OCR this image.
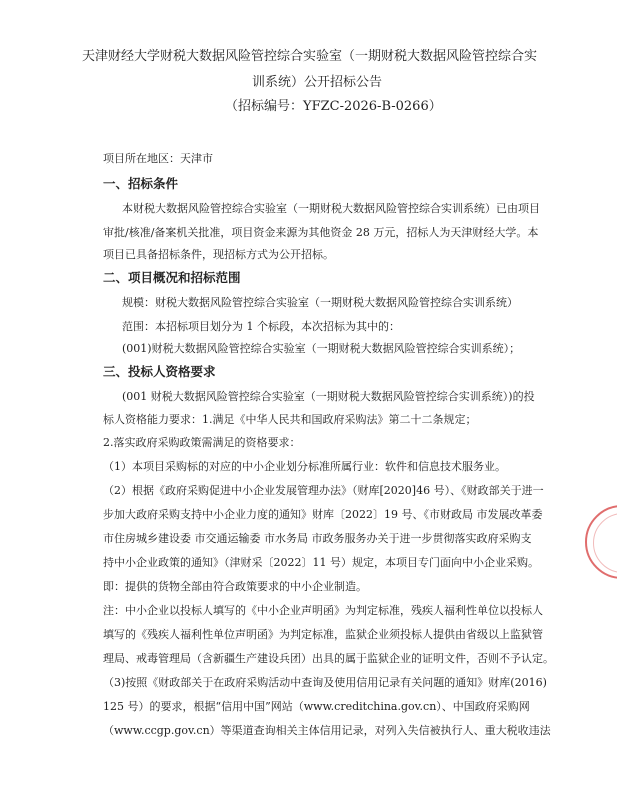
天津财经大学财税大数据风险管控综合实验室（一期财税大数据风险管控综合实
训系统）公开招标公告
（招标编号：YFZC-2026-B-0266）
项目所在地区：天津市
一、招标条件
本财税大数据风险管控综合实验室（一期财税大数据风险管控综合实训系统）已由项目
审批/核准/备案机关批准，项目资金来源为其他资金 28 万元，招标人为天津财经大学。本
项目已具备招标条件，现招标方式为公开招标。
二、项目概况和招标范围
规模：财税大数据风险管控综合实验室（一期财税大数据风险管控综合实训系统）
范围：本招标项目划分为 1 个标段，本次招标为其中的：
(001)财税大数据风险管控综合实验室（一期财税大数据风险管控综合实训系统）；
三、投标人资格要求
(001 财税大数据风险管控综合实验室（一期财税大数据风险管控综合实训系统）)的投
标人资格能力要求：1.满足《中华人民共和国政府采购法》第二十二条规定；
2.落实政府采购政策需满足的资格要求：
（1）本项目采购标的对应的中小企业划分标准所属行业：软件和信息技术服务业。
（2）根据《政府采购促进中小企业发展管理办法》（财库[2020]46 号）、《财政部关于进一
步加大政府采购支持中小企业力度的通知》财库〔2022〕19 号、《市财政局 市发展改革委
市住房城乡建设委 市交通运输委 市水务局 市政务服务办关于进一步贯彻落实政府采购支
持中小企业政策的通知》（津财采〔2022〕11 号）规定，本项目专门面向中小企业采购。
即：提供的货物全部由符合政策要求的中小企业制造。
注：中小企业以投标人填写的《中小企业声明函》为判定标准，残疾人福利性单位以投标人
填写的《残疾人福利性单位声明函》为判定标准，监狱企业须投标人提供由省级以上监狱管
理局、戒毒管理局（含新疆生产建设兵团）出具的属于监狱企业的证明文件，否则不予认定。
（3)按照《财政部关于在政府采购活动中查询及使用信用记录有关问题的通知》财库(2016)
125 号）的要求，根据“信用中国”网站（www.creditchina.gov.cn）、中国政府采购网
（www.ccgp.gov.cn）等渠道查询相关主体信用记录，对列入失信被执行人、重大税收违法
